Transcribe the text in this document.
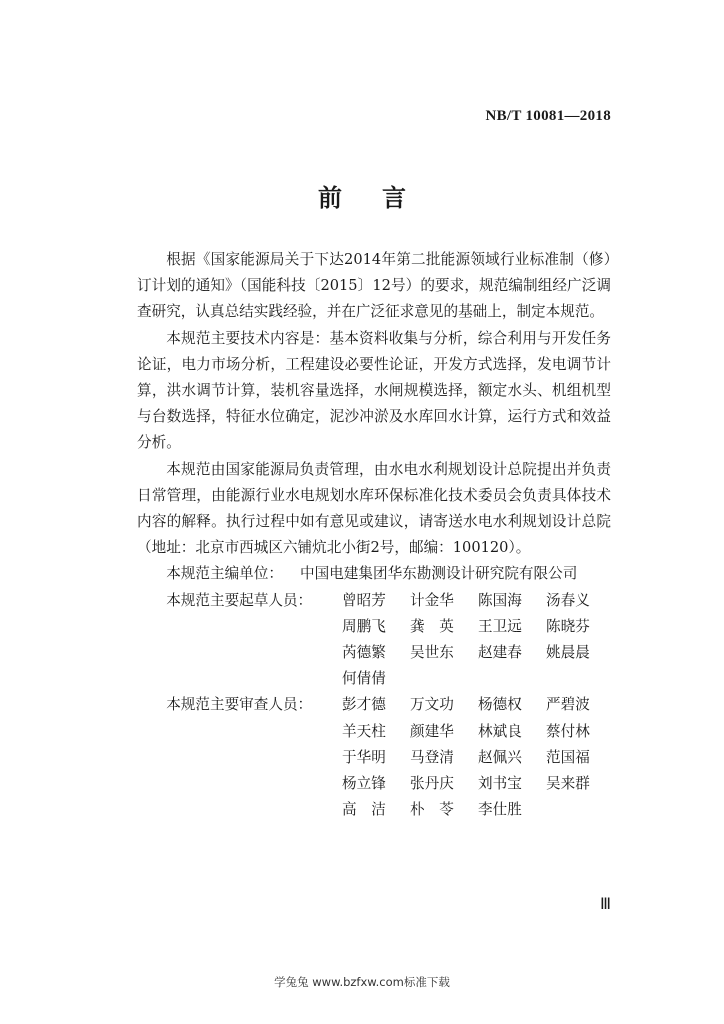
NB/T 10081—2018
前言

根据《国家能源局关于下达2014年第二批能源领域行业标准制（修）订计划的通知》（国能科技〔2015〕12号）的要求，规范编制组经广泛调查研究，认真总结实践经验，并在广泛征求意见的基础上，制定本规范。

本规范主要技术内容是：基本资料收集与分析，综合利用与开发任务论证，电力市场分析，工程建设必要性论证，开发方式选择，发电调节计算，洪水调节计算，装机容量选择，水闸规模选择，额定水头、机组机型与台数选择，特征水位确定，泥沙冲淤及水库回水计算，运行方式和效益分析。

本规范由国家能源局负责管理，由水电水利规划设计总院提出并负责日常管理，由能源行业水电规划水库环保标准化技术委员会负责具体技术内容的解释。执行过程中如有意见或建议，请寄送水电水利规划设计总院（地址：北京市西城区六铺炕北小街2号，邮编：100120）。

本规范主编单位：	中国电建集团华东勘测设计研究院有限公司
本规范主要起草人员：	曾昭芳	计金华	陈国海	汤春义
周鹏飞	龚　英	王卫远	陈晓芬
芮德繁	吴世东	赵建春	姚晨晨
何倩倩
本规范主要审查人员：	彭才德	万文功	杨德权	严碧波
羊天柱	颜建华	林斌良	蔡付林
于华明	马登清	赵佩兴	范国福
杨立锋	张丹庆	刘书宝	吴来群
高　洁	朴　苓	李仕胜
Ⅲ
学兔兔 www.bzfxw.com标准下载
